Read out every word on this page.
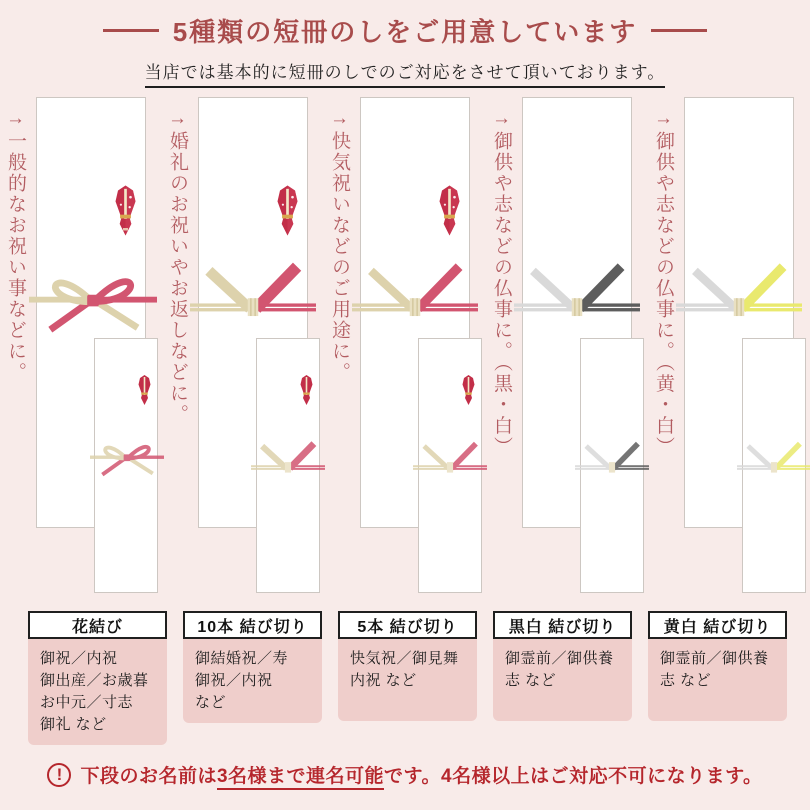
5種類の短冊のしをご用意しています
当店では基本的に短冊のしでのご対応をさせて頂いております。
→一般的なお祝い事などに。
→婚礼のお祝いやお返しなどに。
→快気祝いなどのご用途に。
→御供や志などの仏事に。（黒・白）
→御供や志などの仏事に。（黄・白）
花結び
御祝／内祝
御出産／お歳暮
お中元／寸志
御礼 など
10本 結び切り
御結婚祝／寿
御祝／内祝
など
5本 結び切り
快気祝／御見舞
内祝 など
黒白 結び切り
御霊前／御供養
志 など
黄白 結び切り
御霊前／御供養
志 など
! 下段のお名前は3名様まで連名可能です。4名様以上はご対応不可になります。
